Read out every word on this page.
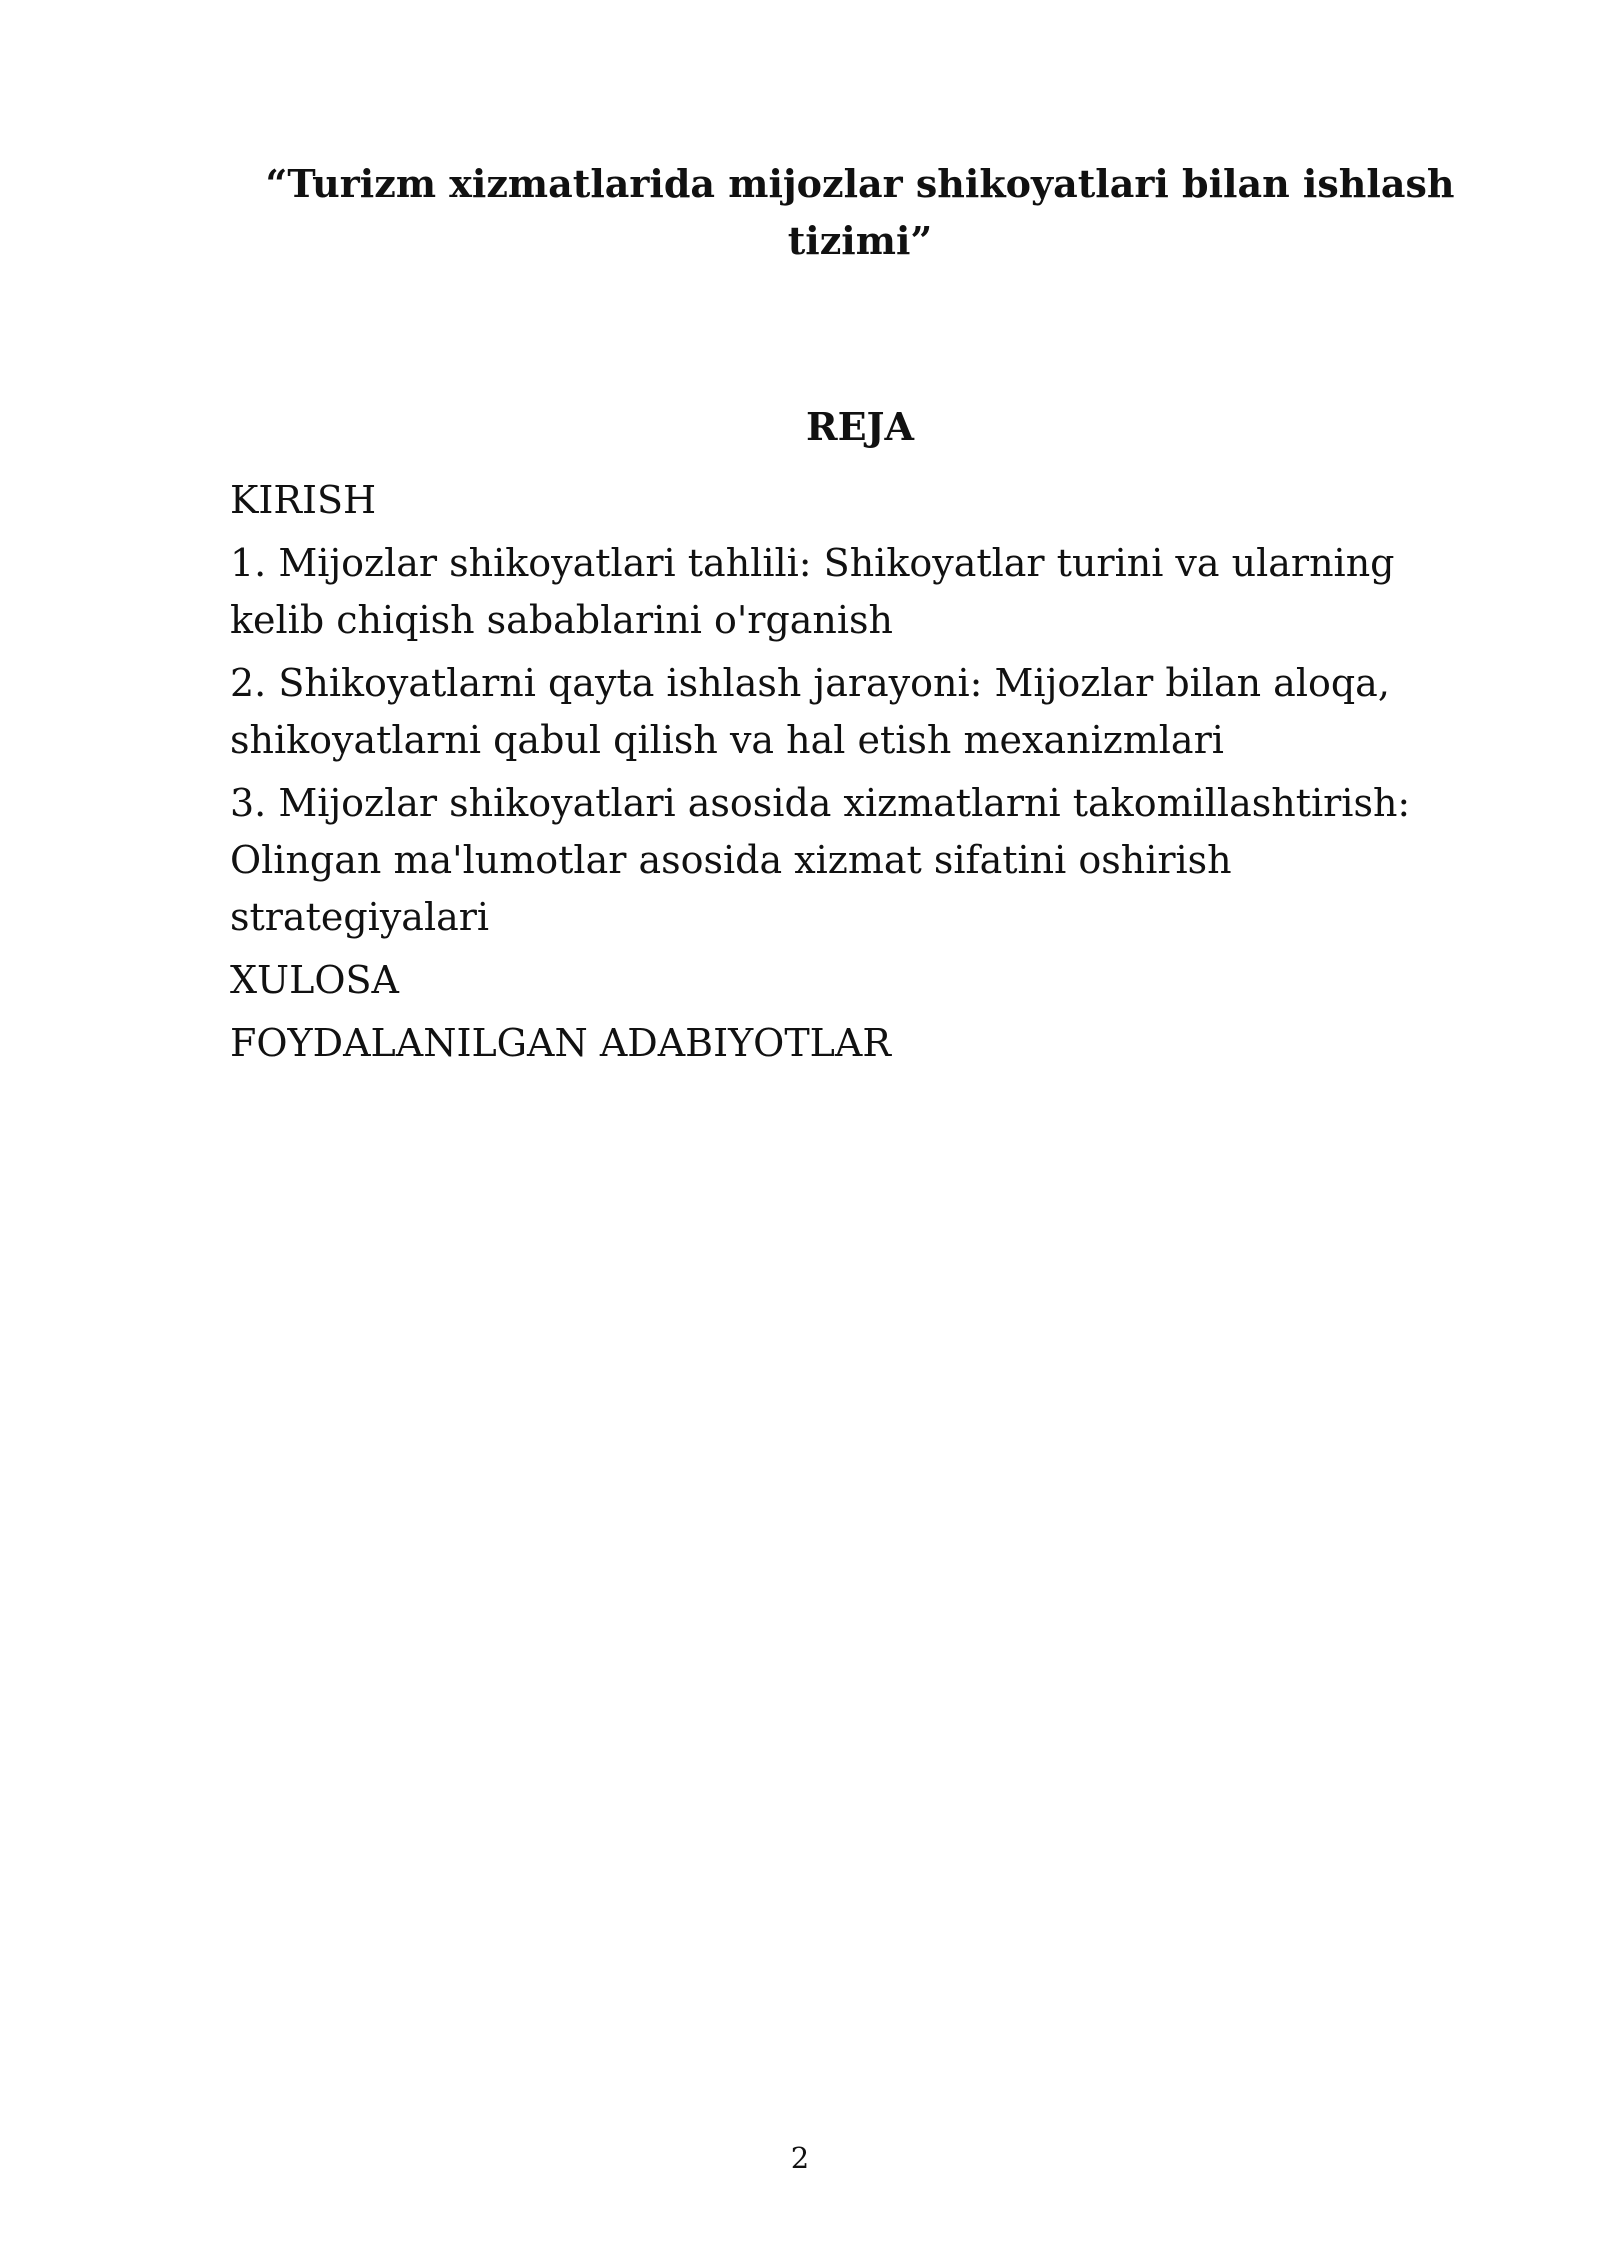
“Turizm xizmatlarida mijozlar shikoyatlari bilan ishlash tizimi”
REJA
KIRISH
1. Mijozlar shikoyatlari tahlili: Shikoyatlar turini va ularning kelib chiqish sabablarini o'rganish
2. Shikoyatlarni qayta ishlash jarayoni: Mijozlar bilan aloqa, shikoyatlarni qabul qilish va hal etish mexanizmlari
3. Mijozlar shikoyatlari asosida xizmatlarni takomillashtirish: Olingan ma'lumotlar asosida xizmat sifatini oshirish strategiyalari
XULOSA
FOYDALANILGAN ADABIYOTLAR
2
